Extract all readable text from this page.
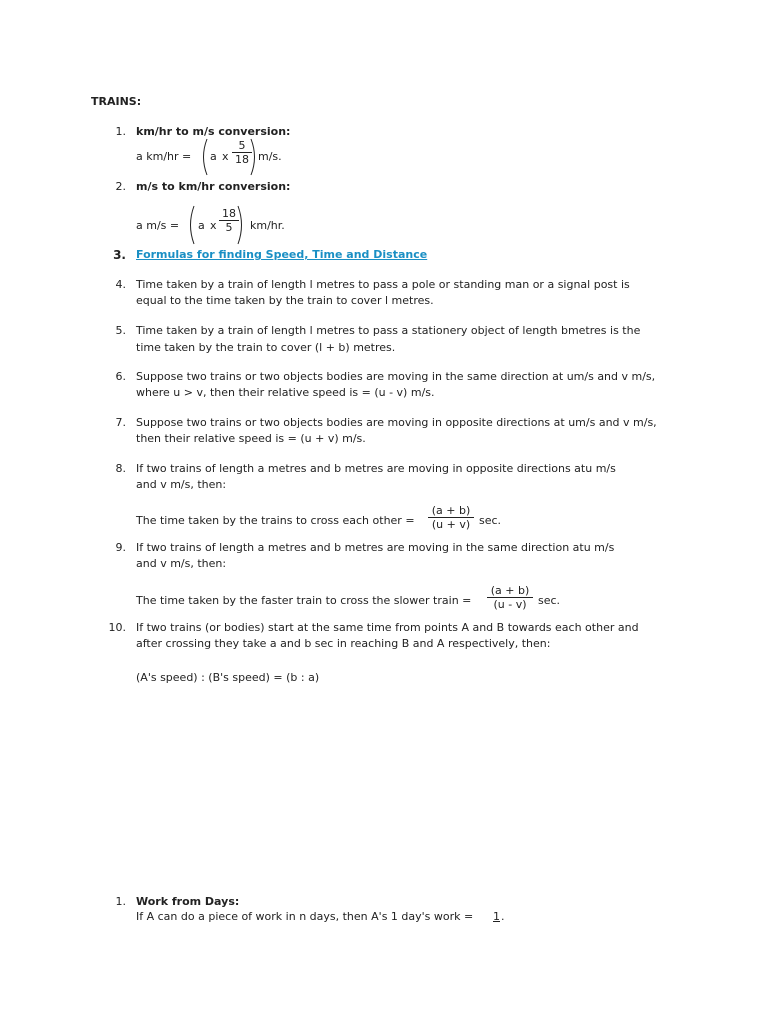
TRAINS:
1. km/hr to m/s conversion:
a km/hr = a x
5
18 m/s.
2. m/s to km/hr conversion:
a m/s = a x
18
5	km/hr.
3. Formulas for finding Speed, Time and Distance
4. Time taken by a train of length l metres to pass a pole or standing man or a signal post is
equal to the time taken by the train to cover l metres.
5. Time taken by a train of length l metres to pass a stationery object of length bmetres is the
time taken by the train to cover (l + b) metres.
6. Suppose two trains or two objects bodies are moving in the same direction at um/s and v m/s,
where u > v, then their relative speed is = (u - v) m/s.
7. Suppose two trains or two objects bodies are moving in opposite directions at um/s and v m/s,
then their relative speed is = (u + v) m/s.
8. If two trains of length a metres and b metres are moving in opposite directions atu m/s
and v m/s, then:
The time taken by the trains to cross each other =
(a + b)
(u + v) sec.
9. If two trains of length a metres and b metres are moving in the same direction atu m/s
and v m/s, then:
The time taken by the faster train to cross the slower train =
(a + b)
(u - v)	sec.
10. If two trains (or bodies) start at the same time from points A and B towards each other and
after crossing they take a and b sec in reaching B and A respectively, then:
(A's speed) : (B's speed) = (b : a)
1. Work from Days:
If A can do a piece of work in n days, then A's 1 day's work = 1 .
